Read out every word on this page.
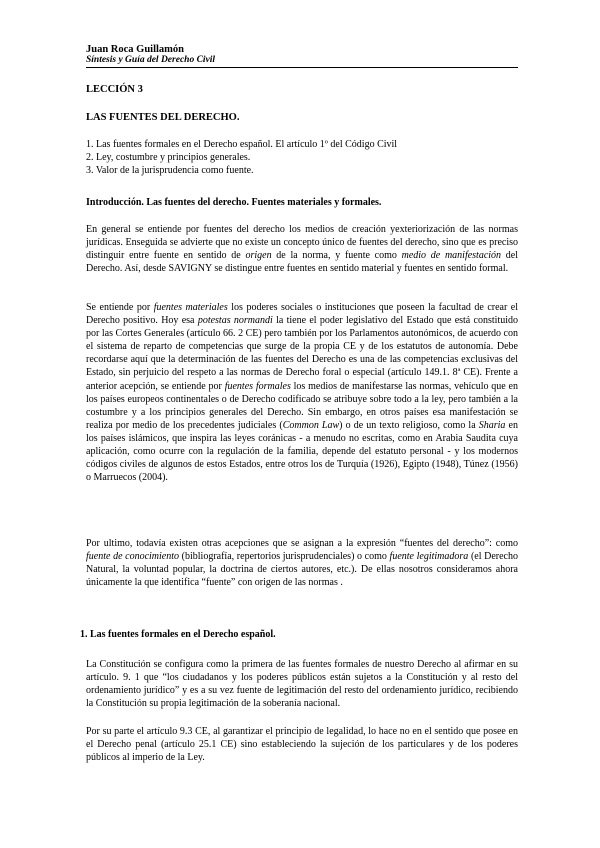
Juan Roca Guillamón
Síntesis y Guía del Derecho Civil
LECCIÓN 3
LAS FUENTES DEL DERECHO.
1. Las fuentes formales en el Derecho español. El artículo 1º del Código Civil
2. Ley, costumbre y principios generales.
3. Valor de la jurisprudencia como fuente.
Introducción. Las fuentes del derecho. Fuentes materiales y formales.

En general se entiende por fuentes del derecho los medios de creación yexteriorización de las normas jurídicas. Enseguida se advierte que no existe un concepto único de fuentes del derecho, sino que es preciso distinguir entre fuente en sentido de origen de la norma, y fuente como medio de manifestación del Derecho. Así, desde SAVIGNY se distingue entre fuentes en sentido material y fuentes en sentido formal.

Se entiende por fuentes materiales los poderes sociales o instituciones que poseen la facultad de crear el Derecho positivo. Hoy esa potestas normandi la tiene el poder legislativo del Estado que está constituido por las Cortes Generales (artículo 66. 2 CE) pero también por los Parlamentos autonómicos, de acuerdo con el sistema de reparto de competencias que surge de la propia CE y de los estatutos de autonomía. Debe recordarse aquí que la determinación de las fuentes del Derecho es una de las competencias exclusivas del Estado, sin perjuicio del respeto a las normas de Derecho foral o especial (artículo 149.1. 8ª CE). Frente a anterior acepción, se entiende por fuentes formales los medios de manifestarse las normas, vehículo que en los países europeos continentales o de Derecho codificado se atribuye sobre todo a la ley, pero también a la costumbre y a los principios generales del Derecho. Sin embargo, en otros países esa manifestación se realiza por medio de los precedentes judiciales (Common Law) o de un texto religioso, como la Sharia en los países islámicos, que inspira las leyes coránicas - a menudo no escritas, como en Arabia Saudita cuya aplicación, como ocurre con la regulación de la familia, depende del estatuto personal - y los modernos códigos civiles de algunos de estos Estados, entre otros los de Turquía (1926), Egipto (1948), Túnez (1956) o Marruecos (2004).

Por ultimo, todavía existen otras acepciones que se asignan a la expresión “fuentes del derecho”: como fuente de conocimiento (bibliografía, repertorios jurisprudenciales) o como fuente legitimadora (el Derecho Natural, la voluntad popular, la doctrina de ciertos autores, etc.). De ellas nosotros consideramos ahora únicamente la que identifica “fuente” con origen de las normas .

1. Las fuentes formales en el Derecho español.

La Constitución se configura como la primera de las fuentes formales de nuestro Derecho al afirmar en su artículo. 9. 1 que “los ciudadanos y los poderes públicos están sujetos a la Constitución y al resto del ordenamiento jurídico” y es a su vez fuente de legitimación del resto del ordenamiento jurídico, recibiendo la Constitución su propia legitimación de la soberanía nacional.

Por su parte el artículo 9.3 CE, al garantizar el principio de legalidad, lo hace no en el sentido que posee en el Derecho penal (artículo 25.1 CE) sino estableciendo la sujeción de los particulares y de los poderes públicos al imperio de la Ley.
